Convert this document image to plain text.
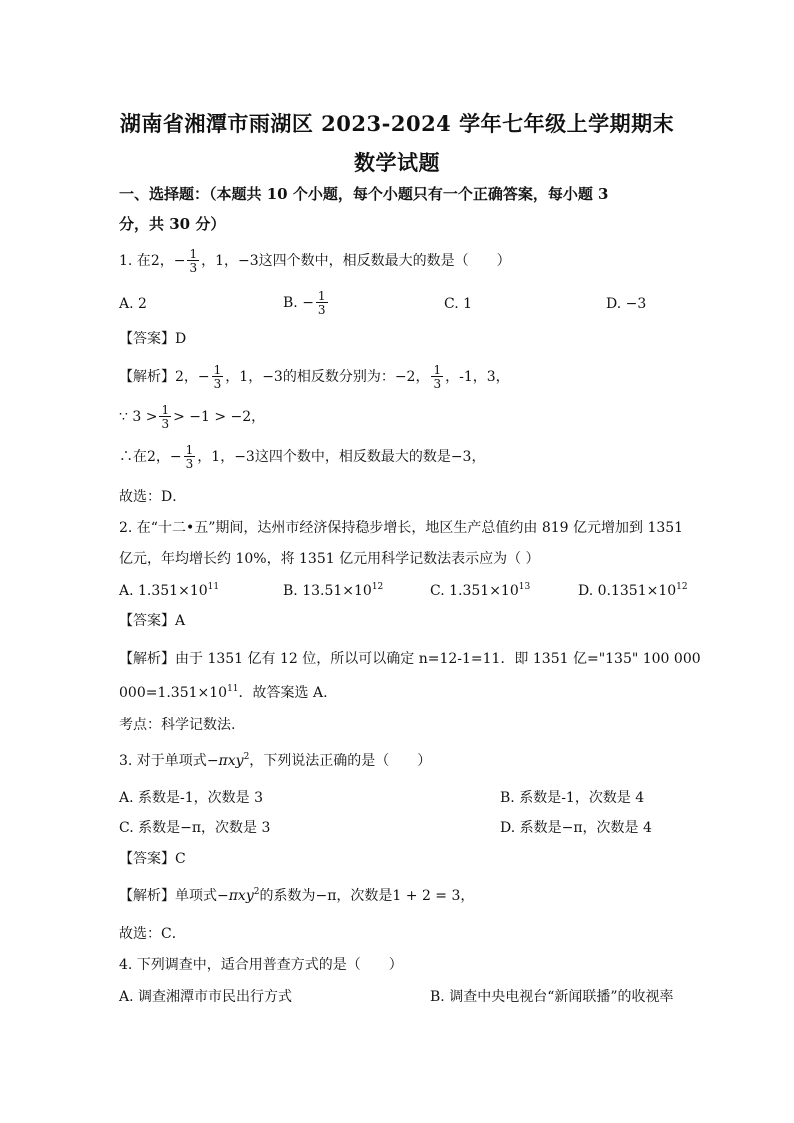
湖南省湘潭市雨湖区 2023-2024 学年七年级上学期期末
数学试题
一、选择题：（本题共 10 个小题，每个小题只有一个正确答案，每小题 3
分，共 30 分）
1. 在2，− $\frac{1}{3}$ ，1，−3这四个数中，相反数最大的数是（　　）
A. 2	B. − $\frac{1}{3}$	C. 1	D. −3
【答案】D
【解析】2，− $\frac{1}{3}$ ，1，−3的相反数分别为：−2， $\frac{1}{3}$ ，-1，3，
∵ $3 > \frac{1}{3} > -1 > -2$，
∴在2，− $\frac{1}{3}$ ，1，−3这四个数中，相反数最大的数是−3，
故选：D．
2. 在“十二•五”期间，达州市经济保持稳步增长，地区生产总值约由 819 亿元增加到 1351
亿元，年均增长约 10%，将 1351 亿元用科学记数法表示应为（ ）
A. $1.351\times 10^{11}$	B. $13.51\times 10^{12}$	C. $1.351\times 10^{13}$	D. $0.1351\times 10^{12}$
【答案】A
【解析】由于 1351 亿有 12 位，所以可以确定 n=12-1=11．即 1351 亿="135" 100 000
$000=1.351\times 10^{11}$．故答案选 A.
考点：科学记数法.
3. 对于单项式−πxy$^2$，下列说法正确的是（　　）
A. 系数是-1，次数是 3	B. 系数是-1，次数是 4
C. 系数是−π，次数是 3	D. 系数是−π，次数是 4
【答案】C
【解析】单项式−πxy$^2$的系数为−π，次数是1 + 2 = 3，
故选：C．
4. 下列调查中，适合用普查方式的是（　　）
A. 调查湘潭市市民出行方式	B. 调查中央电视台“新闻联播”的收视率
